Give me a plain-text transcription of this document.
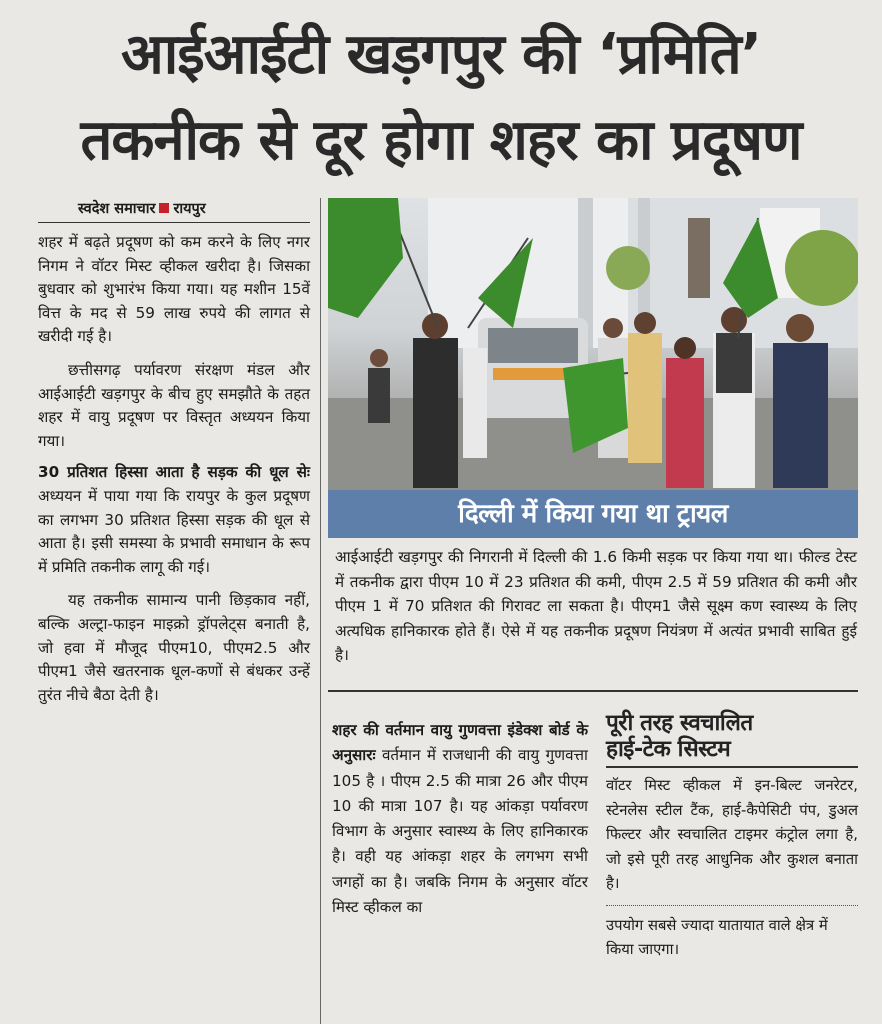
आईआईटी खड़गपुर की ‘प्रमिति’
तकनीक से दूर होगा शहर का प्रदूषण
स्वदेश समाचार रायपुर

शहर में बढ़ते प्रदूषण को कम करने के लिए नगर निगम ने वॉटर मिस्ट व्हीकल खरीदा है। जिसका बुधवार को शुभारंभ किया गया। यह मशीन 15वें वित्त के मद से 59 लाख रुपये की लागत से खरीदी गई है।

छत्तीसगढ़ पर्यावरण संरक्षण मंडल और आईआईटी खड़गपुर के बीच हुए समझौते के तहत शहर में वायु प्रदूषण पर विस्तृत अध्ययन किया गया।

30 प्रतिशत हिस्सा आता है सड़क की धूल सेः अध्ययन में पाया गया कि रायपुर के कुल प्रदूषण का लगभग 30 प्रतिशत हिस्सा सड़क की धूल से आता है। इसी समस्या के प्रभावी समाधान के रूप में प्रमिति तकनीक लागू की गई।

यह तकनीक सामान्य पानी छिड़काव नहीं, बल्कि अल्ट्रा-फाइन माइक्रो ड्रॉपलेट्स बनाती है, जो हवा में मौजूद पीएम10, पीएम2.5 और पीएम1 जैसे खतरनाक धूल-कणों से बंधकर उन्हें तुरंत नीचे बैठा देती है।

दिल्ली में किया गया था ट्रायल
आईआईटी खड़गपुर की निगरानी में दिल्ली की 1.6 किमी सड़क पर किया गया था। फील्ड टेस्ट में तकनीक द्वारा पीएम 10 में 23 प्रतिशत की कमी, पीएम 2.5 में 59 प्रतिशत की कमी और पीएम 1 में 70 प्रतिशत की गिरावट ला सकता है। पीएम1 जैसे सूक्ष्म कण स्वास्थ्य के लिए अत्यधिक हानिकारक होते हैं। ऐसे में यह तकनीक प्रदूषण नियंत्रण में अत्यंत प्रभावी साबित हुई है।
शहर की वर्तमान वायु गुणवत्ता इंडेक्श बोर्ड के अनुसारः वर्तमान में राजधानी की वायु गुणवत्ता 105 है । पीएम 2.5 की मात्रा 26 और पीएम 10 की मात्रा 107 है। यह आंकड़ा पर्यावरण विभाग के अनुसार स्वास्थ्य के लिए हानिकारक है। वही यह आंकड़ा शहर के लगभग सभी जगहों का है। जबकि निगम के अनुसार वॉटर मिस्ट व्हीकल का
पूरी तरह स्वचालित
हाई-टेक सिस्टम
वॉटर मिस्ट व्हीकल में इन-बिल्ट जनरेटर, स्टेनलेस स्टील टैंक, हाई-कैपेसिटी पंप, डुअल फिल्टर और स्वचालित टाइमर कंट्रोल लगा है, जो इसे पूरी तरह आधुनिक और कुशल बनाता है।
उपयोग सबसे ज्यादा यातायात वाले क्षेत्र में किया जाएगा।
